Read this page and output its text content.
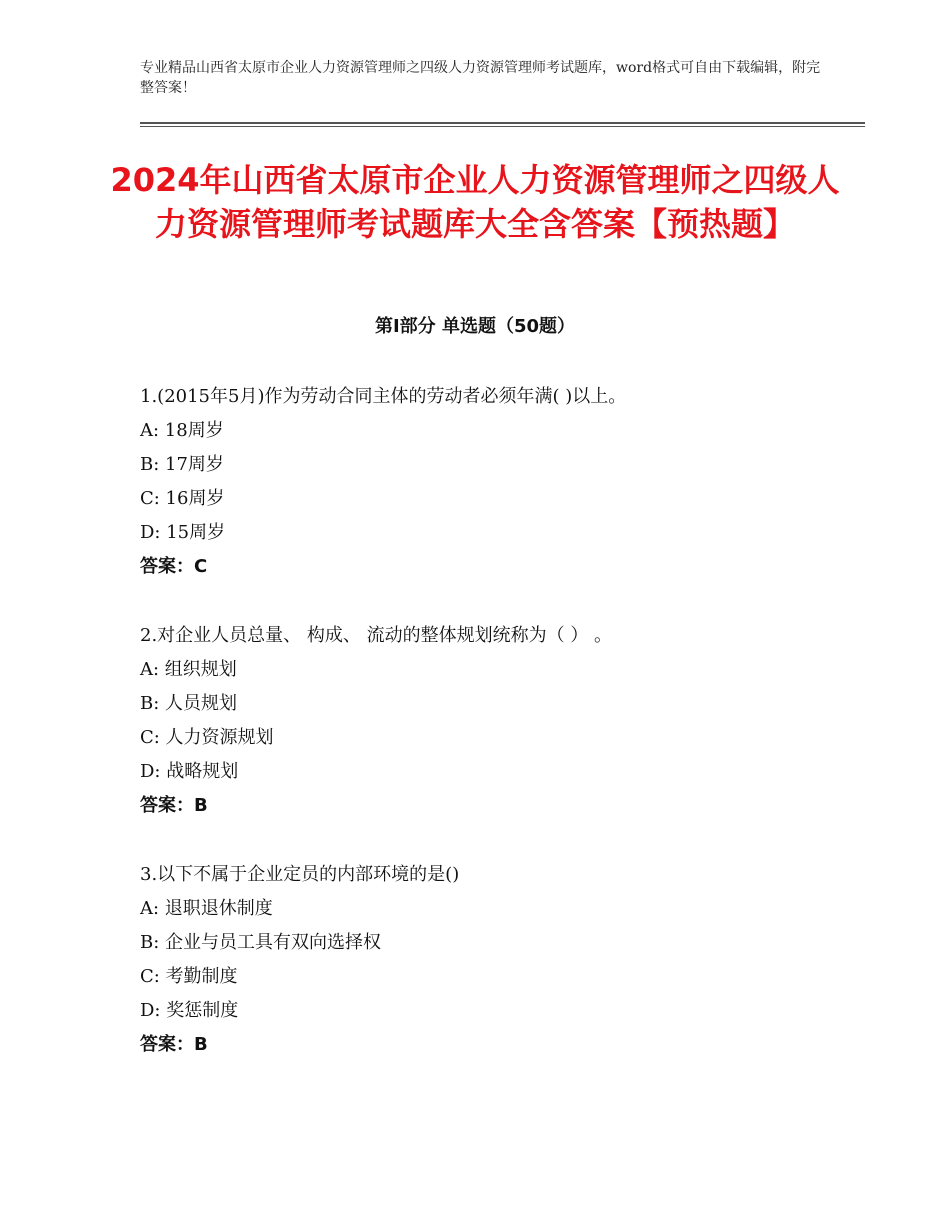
专业精品山西省太原市企业人力资源管理师之四级人力资源管理师考试题库，word格式可自由下载编辑，附完整答案！
2024年山西省太原市企业人力资源管理师之四级人力资源管理师考试题库大全含答案【预热题】
第Ⅰ部分 单选题（50题）
1.(2015年5月)作为劳动合同主体的劳动者必须年满( )以上。
A: 18周岁
B: 17周岁
C: 16周岁
D: 15周岁
答案：C
2.对企业人员总量、 构成、 流动的整体规划统称为（ ） 。
A: 组织规划
B: 人员规划
C: 人力资源规划
D: 战略规划
答案：B
3.以下不属于企业定员的内部环境的是()
A: 退职退休制度
B: 企业与员工具有双向选择权
C: 考勤制度
D: 奖惩制度
答案：B
